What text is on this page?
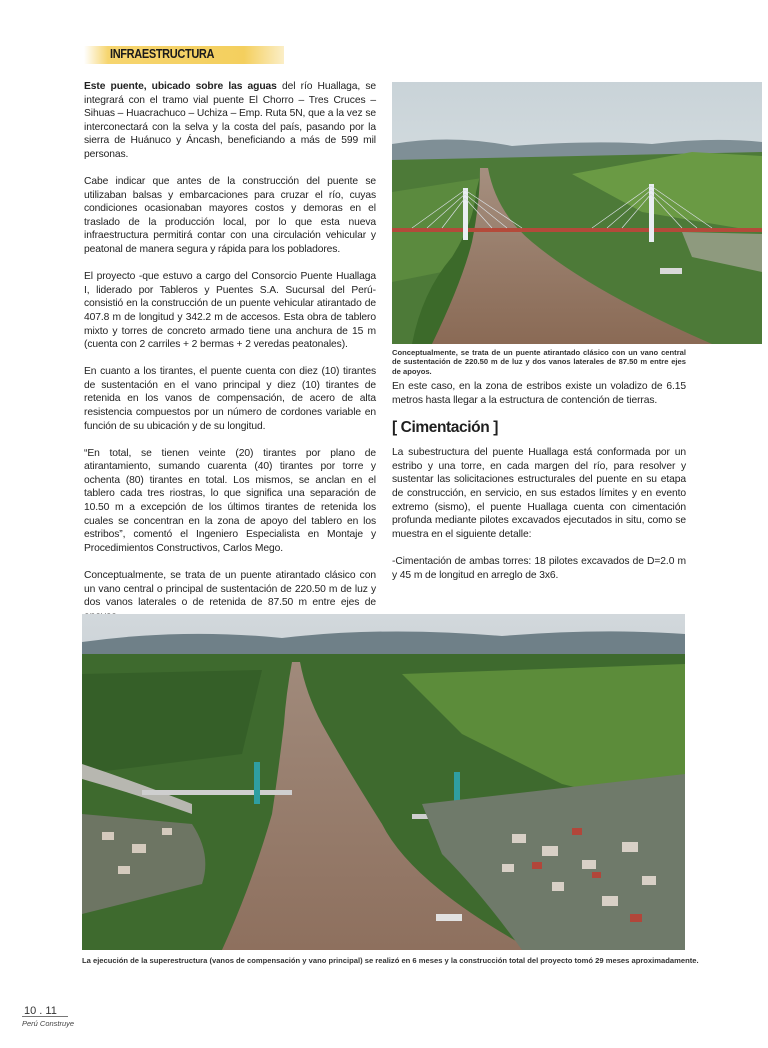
INFRAESTRUCTURA

Este puente, ubicado sobre las aguas del río Huallaga, se integrará con el tramo vial puente El Chorro – Tres Cruces – Sihuas – Huacrachuco – Uchiza – Emp. Ruta 5N, que a la vez se interconectará con la selva y la costa del país, pasando por la sierra de Huánuco y Áncash, beneficiando a más de 599 mil personas.

Cabe indicar que antes de la construcción del puente se utilizaban balsas y embarcaciones para cruzar el río, cuyas condiciones ocasionaban mayores costos y demoras en el traslado de la producción local, por lo que esta nueva infraestructura permitirá contar con una circulación vehicular y peatonal de manera segura y rápida para los pobladores.

El proyecto -que estuvo a cargo del Consorcio Puente Huallaga I, liderado por Tableros y Puentes S.A. Sucursal del Perú- consistió en la construcción de un puente vehicular atirantado de 407.8 m de longitud y 342.2 m de accesos. Esta obra de tablero mixto y torres de concreto armado tiene una anchura de 15 m (cuenta con 2 carriles + 2 bermas + 2 veredas peatonales).

En cuanto a los tirantes, el puente cuenta con diez (10) tirantes de sustentación en el vano principal y diez (10) tirantes de retenida en los vanos de compensación, de acero de alta resistencia compuestos por un número de cordones variable en función de su ubicación y de su longitud.

“En total, se tienen veinte (20) tirantes por plano de atirantamiento, sumando cuarenta (40) tirantes por torre y ochenta (80) tirantes en total. Los mismos, se anclan en el tablero cada tres riostras, lo que significa una separación de 10.50 m a excepción de los últimos tirantes de retenida los cuales se concentran en la zona de apoyo del tablero en los estribos”, comentó el Ingeniero Especialista en Montaje y Procedimientos Constructivos, Carlos Mego.

Conceptualmente, se trata de un puente atirantado clásico con un vano central o principal de sustentación de 220.50 m de luz y dos vanos laterales o de retenida de 87.50 m entre ejes de

Conceptualmente, se trata de un puente atirantado clásico con un vano central de sustentación de 220.50 m de luz y dos vanos laterales de 87.50 m entre ejes de apoyos.

En este caso, en la zona de estribos existe un voladizo de 6.15 metros hasta llegar a la estructura de contención de tierras.

[ Cimentación ]

La subestructura del puente Huallaga está conformada por un estribo y una torre, en cada margen del río, para resolver y sustentar las solicitaciones estructurales del puente en su etapa de construcción, en servicio, en sus estados límites y en evento extremo (sismo), el puente Huallaga cuenta con cimentación profunda mediante pilotes excavados ejecutados in situ, como se muestra en el siguiente detalle:

-Cimentación de ambas torres: 18 pilotes excavados de D=2.0 m y 45 m de longitud en arreglo de 3x6.

La ejecución de la superestructura (vanos de compensación y vano principal) se realizó en 6 meses y la construcción total del proyecto tomó 29 meses aproximadamente.
10 . 11
Perú Construye
